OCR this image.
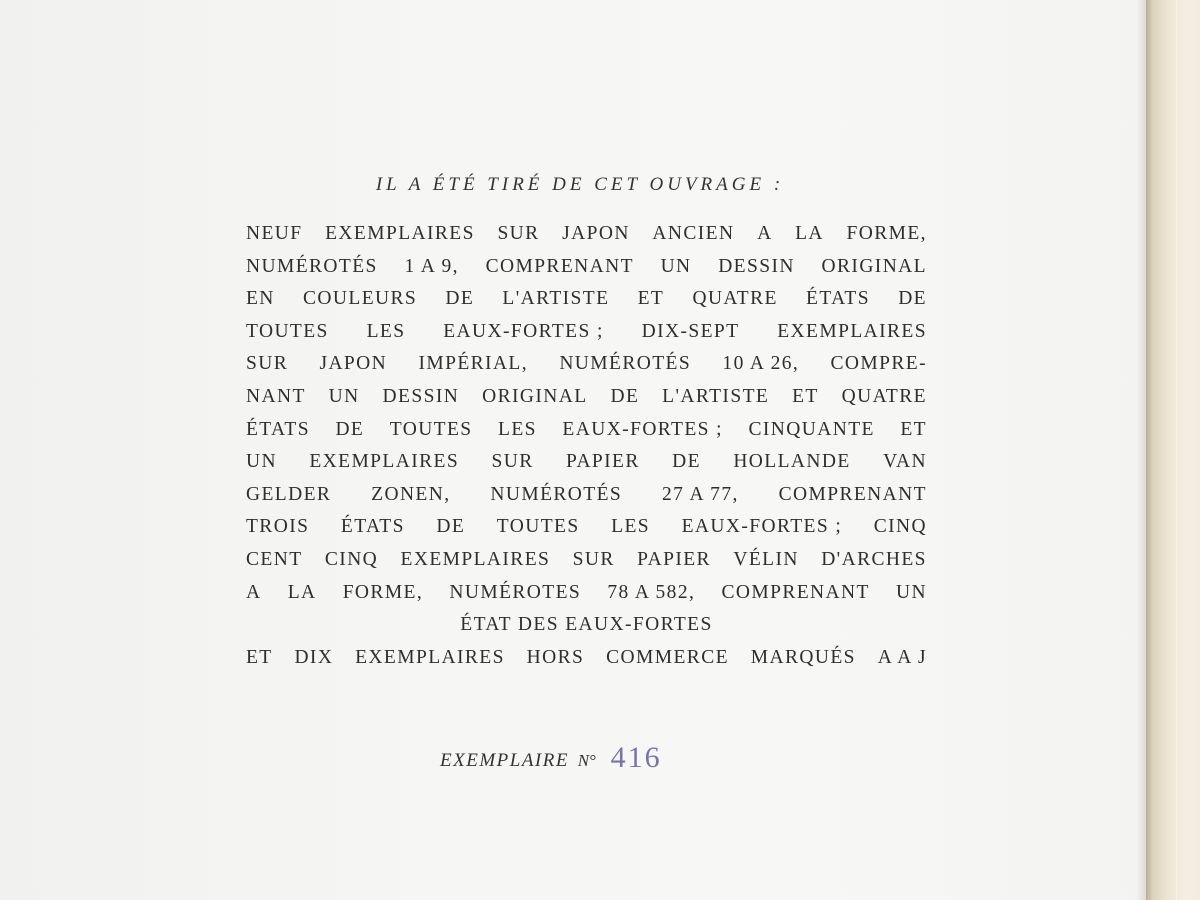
IL A ÉTÉ TIRÉ DE CET OUVRAGE :
NEUF EXEMPLAIRES SUR JAPON ANCIEN A LA FORME,
NUMÉROTÉS 1 A 9, COMPRENANT UN DESSIN ORIGINAL
EN COULEURS DE L'ARTISTE ET QUATRE ÉTATS DE
TOUTES LES EAUX-FORTES ; DIX-SEPT EXEMPLAIRES
SUR JAPON IMPÉRIAL, NUMÉROTÉS 10 A 26, COMPRE-
NANT UN DESSIN ORIGINAL DE L'ARTISTE ET QUATRE
ÉTATS DE TOUTES LES EAUX-FORTES ; CINQUANTE ET
UN EXEMPLAIRES SUR PAPIER DE HOLLANDE VAN
GELDER ZONEN, NUMÉROTÉS 27 A 77, COMPRENANT
TROIS ÉTATS DE TOUTES LES EAUX-FORTES ; CINQ
CENT CINQ EXEMPLAIRES SUR PAPIER VÉLIN D'ARCHES
A LA FORME, NUMÉROTES 78 A 582, COMPRENANT UN
ÉTAT DES EAUX-FORTES
ET DIX EXEMPLAIRES HORS COMMERCE MARQUÉS A A J
EXEMPLAIRE N° 416
